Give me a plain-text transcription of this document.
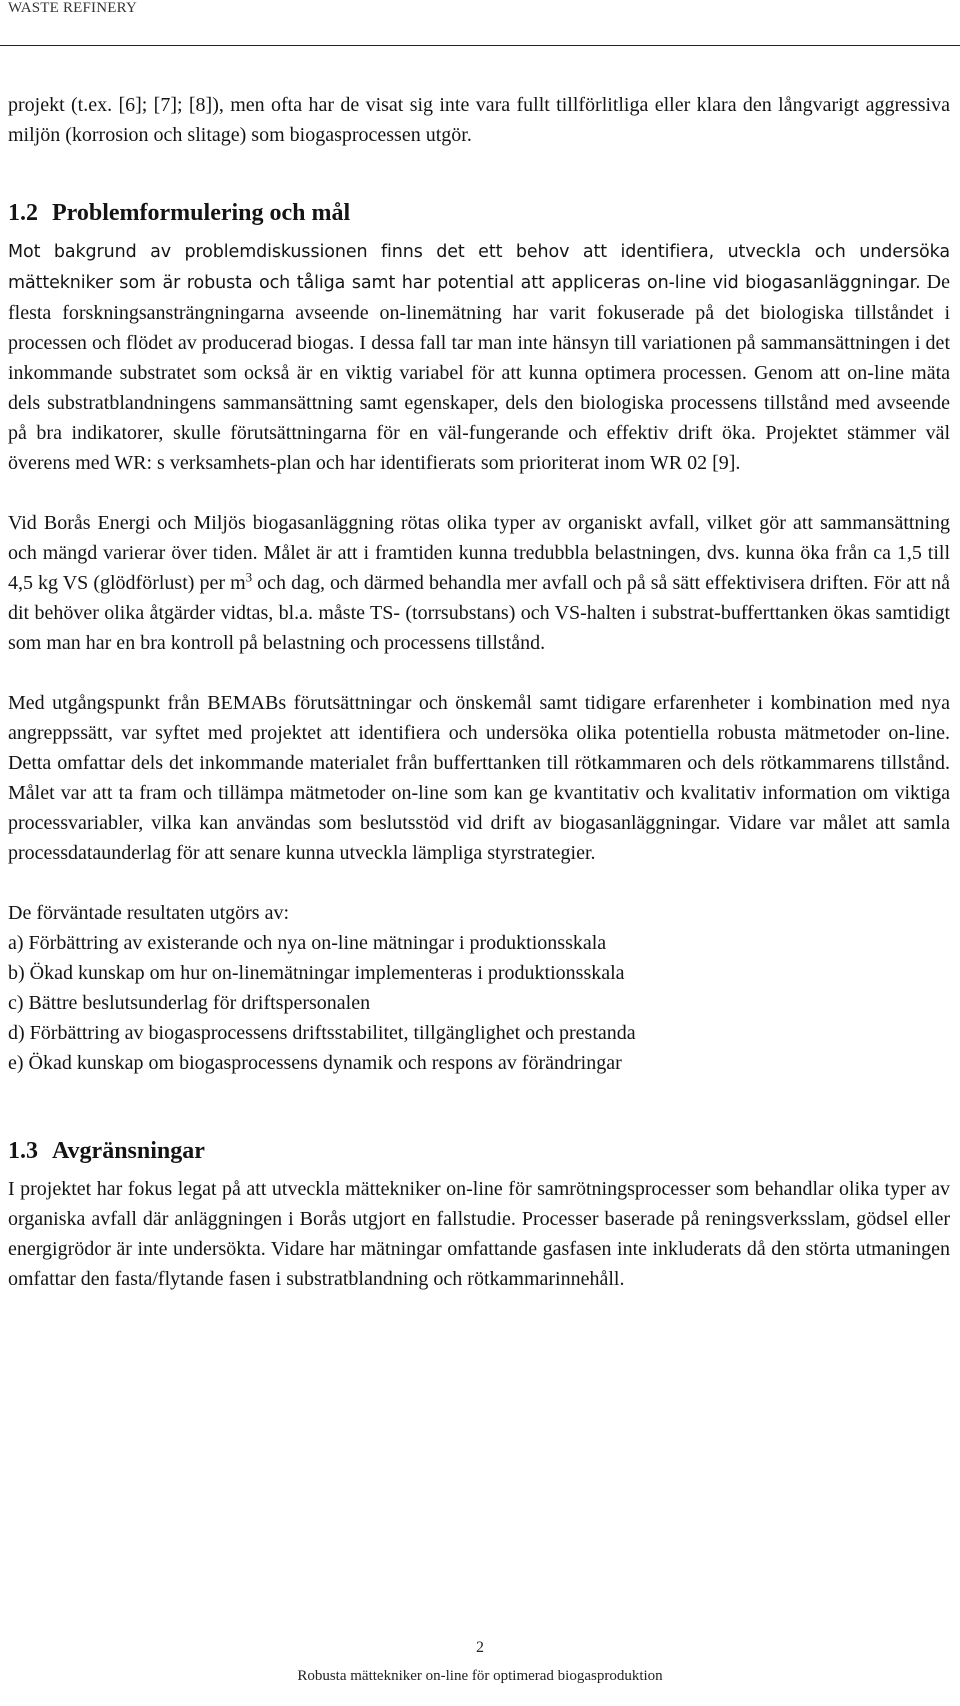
WASTE REFINERY

projekt (t.ex. [6]; [7]; [8]), men ofta har de visat sig inte vara fullt tillförlitliga eller klara den långvarigt aggressiva miljön (korrosion och slitage) som biogasprocessen utgör.

1.2 Problemformulering och mål

Mot bakgrund av problemdiskussionen finns det ett behov att identifiera, utveckla och undersöka mättekniker som är robusta och tåliga samt har potential att appliceras on-line vid biogasanläggningar. De flesta forskningsansträngningarna avseende on-linemätning har varit fokuserade på det biologiska tillståndet i processen och flödet av producerad biogas. I dessa fall tar man inte hänsyn till variationen på sammansättningen i det inkommande substratet som också är en viktig variabel för att kunna optimera processen. Genom att on-line mäta dels substratblandningens sammansättning samt egenskaper, dels den biologiska processens tillstånd med avseende på bra indikatorer, skulle förutsättningarna för en väl-fungerande och effektiv drift öka. Projektet stämmer väl överens med WR: s verksamhets-plan och har identifierats som prioriterat inom WR 02 [9].

Vid Borås Energi och Miljös biogasanläggning rötas olika typer av organiskt avfall, vilket gör att sammansättning och mängd varierar över tiden. Målet är att i framtiden kunna tredubbla belastningen, dvs. kunna öka från ca 1,5 till 4,5 kg VS (glödförlust) per $m^3$ och dag, och därmed behandla mer avfall och på så sätt effektivisera driften. För att nå dit behöver olika åtgärder vidtas, bl.a. måste TS- (torrsubstans) och VS-halten i substrat-bufferttanken ökas samtidigt som man har en bra kontroll på belastning och processens tillstånd.

Med utgångspunkt från BEMABs förutsättningar och önskemål samt tidigare erfarenheter i kombination med nya angreppssätt, var syftet med projektet att identifiera och undersöka olika potentiella robusta mätmetoder on-line. Detta omfattar dels det inkommande materialet från bufferttanken till rötkammaren och dels rötkammarens tillstånd. Målet var att ta fram och tillämpa mätmetoder on-line som kan ge kvantitativ och kvalitativ information om viktiga processvariabler, vilka kan användas som beslutsstöd vid drift av biogasanläggningar. Vidare var målet att samla processdataunderlag för att senare kunna utveckla lämpliga styrstrategier.

De förväntade resultaten utgörs av:

a) Förbättring av existerande och nya on-line mätningar i produktionsskala
b) Ökad kunskap om hur on-linemätningar implementeras i produktionsskala
c) Bättre beslutsunderlag för driftspersonalen
d) Förbättring av biogasprocessens driftsstabilitet, tillgänglighet och prestanda
e) Ökad kunskap om biogasprocessens dynamik och respons av förändringar
1.3 Avgränsningar

I projektet har fokus legat på att utveckla mättekniker on-line för samrötningsprocesser som behandlar olika typer av organiska avfall där anläggningen i Borås utgjort en fallstudie. Processer baserade på reningsverksslam, gödsel eller energigrödor är inte undersökta. Vidare har mätningar omfattande gasfasen inte inkluderats då den störta utmaningen omfattar den fasta/flytande fasen i substratblandning och rötkammarinnehåll.

2
Robusta mättekniker on-line för optimerad biogasproduktion
